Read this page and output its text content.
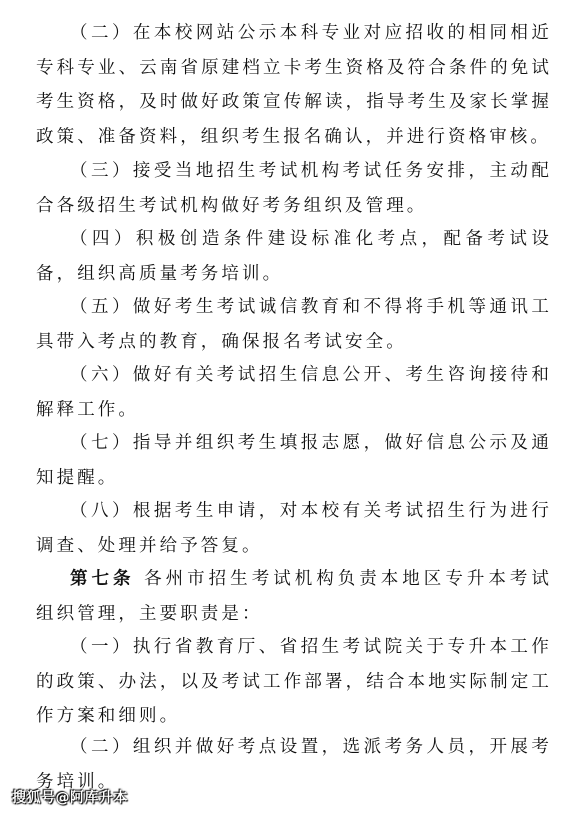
（二）在本校网站公示本科专业对应招收的相同相近专科专业、云南省原建档立卡考生资格及符合条件的免试考生资格，及时做好政策宣传解读，指导考生及家长掌握政策、准备资料，组织考生报名确认，并进行资格审核。

（三）接受当地招生考试机构考试任务安排，主动配合各级招生考试机构做好考务组织及管理。

（四）积极创造条件建设标准化考点，配备考试设备，组织高质量考务培训。

（五）做好考生考试诚信教育和不得将手机等通讯工具带入考点的教育，确保报名考试安全。

（六）做好有关考试招生信息公开、考生咨询接待和解释工作。

（七）指导并组织考生填报志愿，做好信息公示及通知提醒。

（八）根据考生申请，对本校有关考试招生行为进行调查、处理并给予答复。

第七条 各州市招生考试机构负责本地区专升本考试组织管理，主要职责是：

（一）执行省教育厅、省招生考试院关于专升本工作的政策、办法，以及考试工作部署，结合本地实际制定工作方案和细则。

（二）组织并做好考点设置，选派考务人员，开展考务培训。

搜狐号@阿库升本
